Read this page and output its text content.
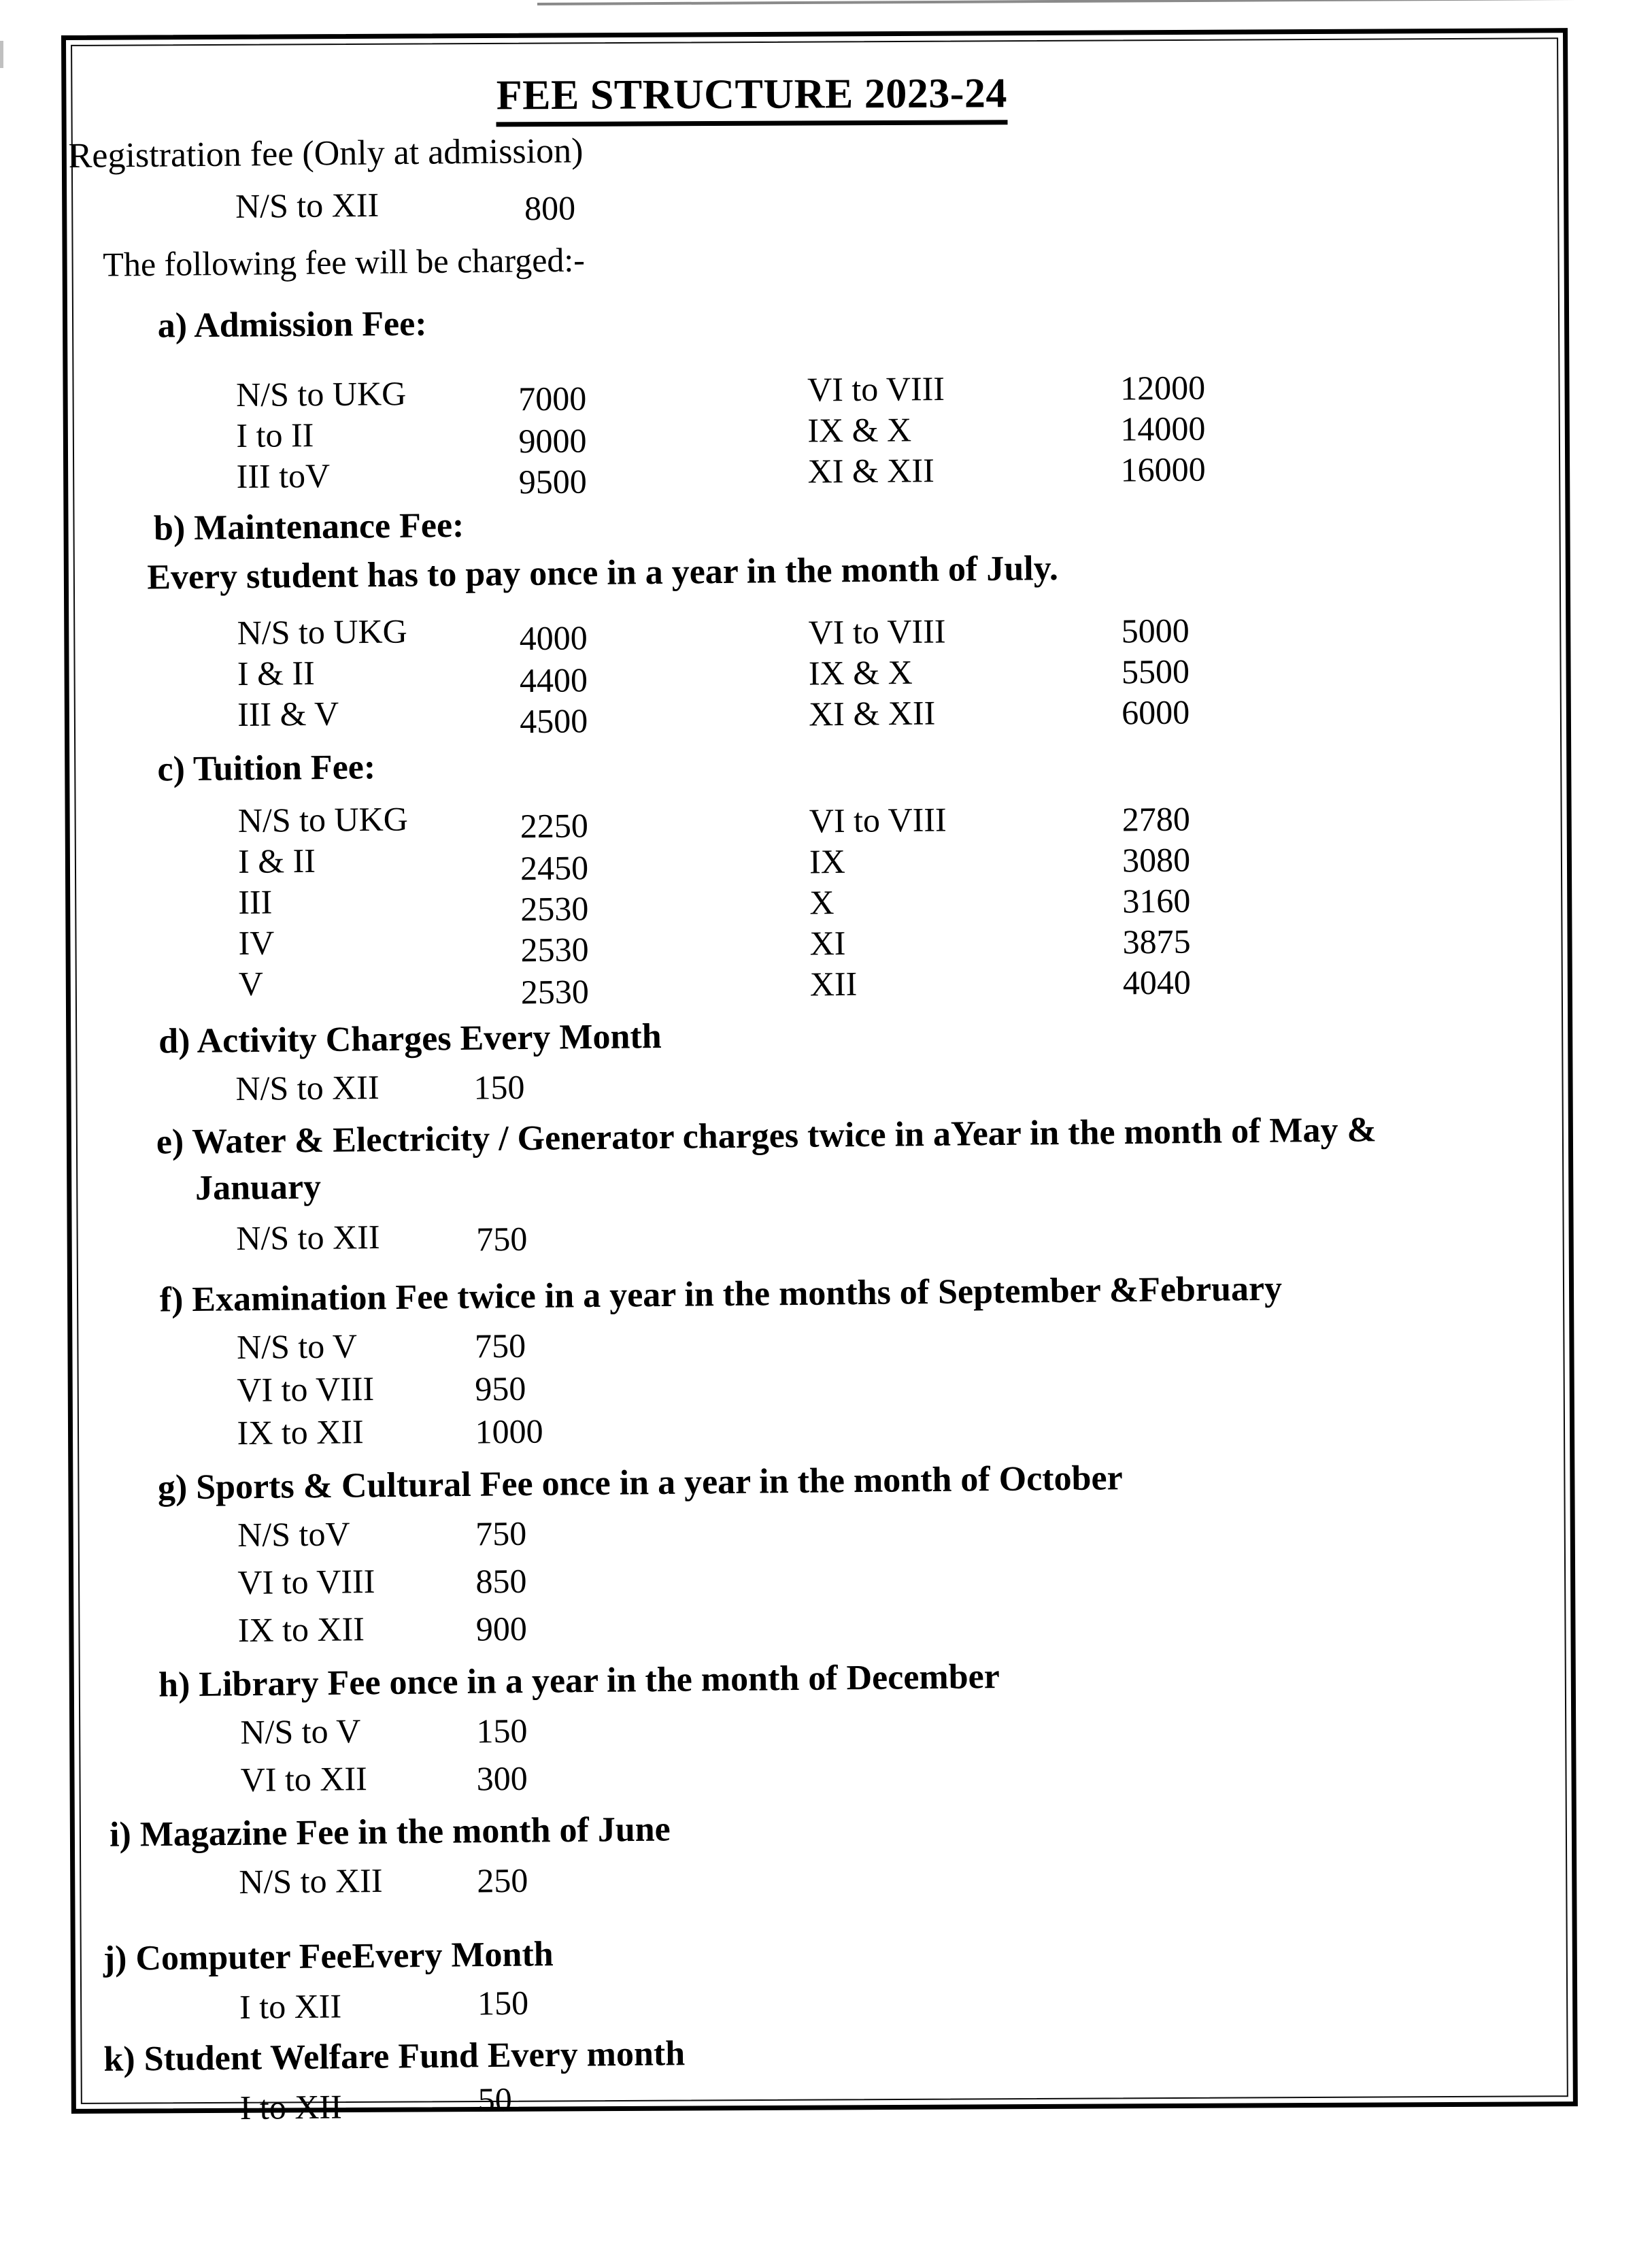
FEE STRUCTURE 2023-24
Registration fee (Only at admission)
N/S to XII	800
The following fee will be charged:-
a) Admission Fee:
N/S to UKG	7000
I to II	9000
III toV	9500
VI to VIII	12000
IX & X	14000
XI & XII	16000
b) Maintenance Fee:
Every student has to pay once in a year in the month of July.
N/S to UKG	4000
I & II	4400
III & V	4500
VI to VIII	5000
IX & X	5500
XI & XII	6000
c) Tuition Fee:
N/S to UKG	2250
I & II	2450
III	2530
IV	2530
V	2530
VI to VIII	2780
IX	3080
X	3160
XI	3875
XII	4040
d) Activity Charges Every Month
N/S to XII	150
e) Water & Electricity / Generator charges twice in aYear in the month of May &
January
N/S to XII	750
f) Examination Fee twice in a year in the months of September &February
N/S to V	750
VI to VIII	950
IX to XII	1000
g) Sports & Cultural Fee once in a year in the month of October
N/S toV	750
VI to VIII	850
IX to XII	900
h) Library Fee once in a year in the month of December
N/S to V	150
VI to XII	300
i) Magazine Fee in the month of June
N/S to XII	250
j) Computer FeeEvery Month
I to XII	150
k) Student Welfare Fund Every month
I to XII	50
